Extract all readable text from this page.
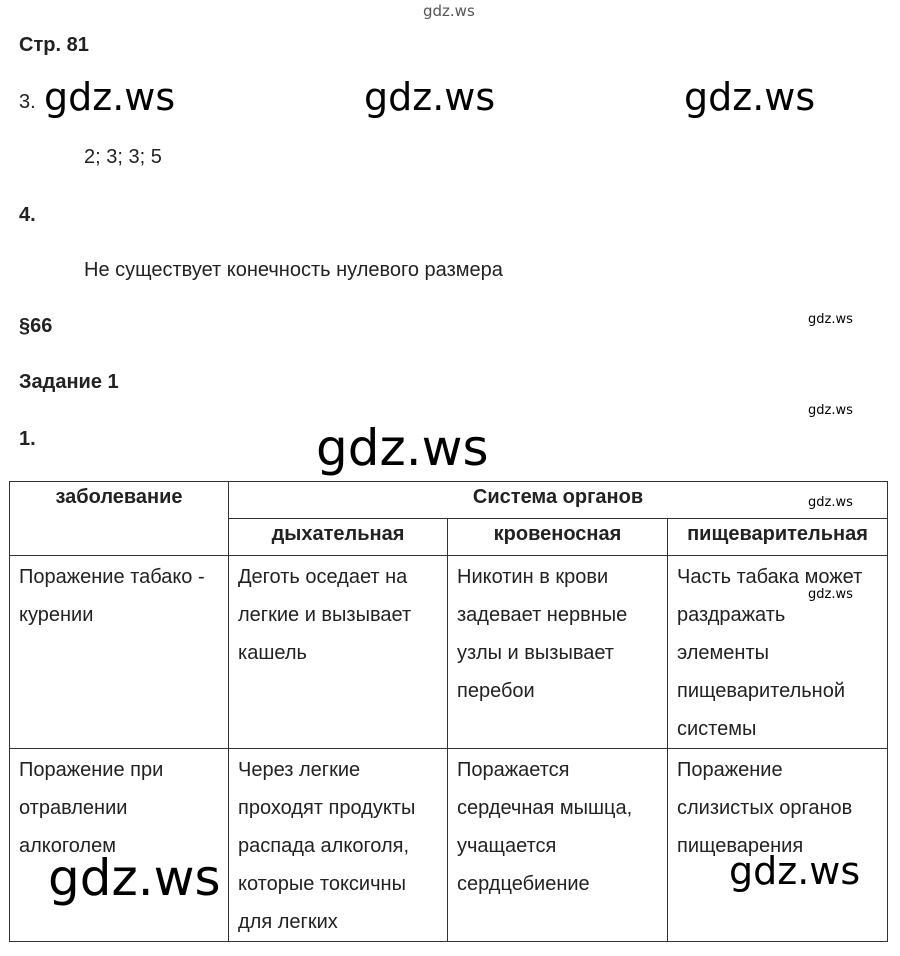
gdz.ws
Стр. 81
3. gdz.ws	gdz.ws	gdz.ws
2; 3; 3; 5
4.
Не существует конечность нулевого размера
§66	gdz.ws
Задание 1
gdz.ws
1.	gdz.ws
заболевание	Система органов		
	дыхательная	кровеносная	пищеварительная
Поражение табако - курении	Деготь оседает на легкие и вызывает кашель	Никотин в крови задевает нервные узлы и вызывает перебои	Часть табака может раздражать элементы пищеварительной системы
Поражение при отравлении алкоголем	Через легкие проходят продукты распада алкоголя, которые токсичны для легких	Поражается сердечная мышца, учащается сердцебиение	Поражение слизистых органов пищеварения
gdz.ws
gdz.ws
gdz.ws	gdz.ws
